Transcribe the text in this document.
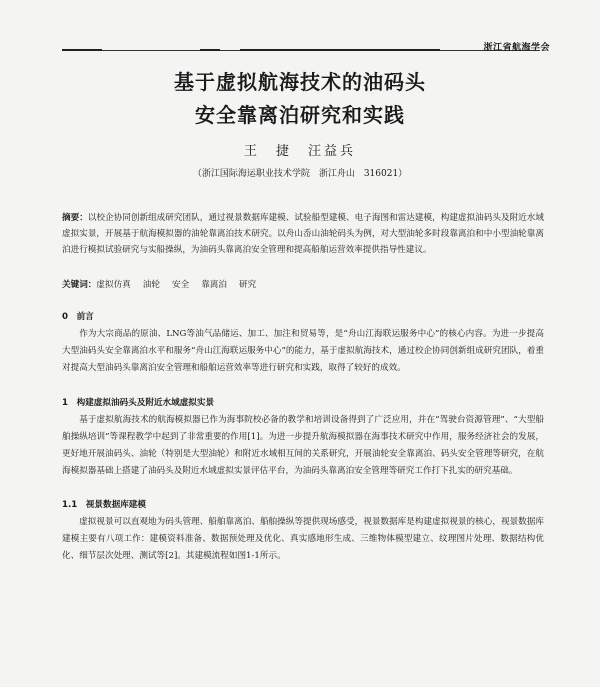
浙江省航海学会
基于虚拟航海技术的油码头
安全靠离泊研究和实践
王　捷　汪益兵
（浙江国际海运职业技术学院　浙江舟山　316021）
摘要：以校企协同创新组成研究团队，通过视景数据库建模、试验船型建模、电子海图和雷达建模，构建虚拟油码头及附近水域虚拟实景，开展基于航海模拟器的油轮靠离泊技术研究。以舟山岙山油轮码头为例，对大型油轮多时段靠离泊和中小型油轮靠离泊进行模拟试验研究与实船操纵，为油码头靠离泊安全管理和提高船舶运营效率提供指导性建议。
关键词：虚拟仿真 油轮 安全 靠离泊 研究
0　前言
作为大宗商品的原油、LNG等油气品储运、加工、加注和贸易等，是“舟山江海联运服务中心”的核心内容。为进一步提高大型油码头安全靠离泊水平和服务“舟山江海联运服务中心”的能力，基于虚拟航海技术，通过校企协同创新组成研究团队，着重对提高大型油码头靠离泊安全管理和船舶运营效率等进行研究和实践，取得了较好的成效。
1　构建虚拟油码头及附近水域虚拟实景
基于虚拟航海技术的航海模拟器已作为海事院校必备的教学和培训设备得到了广泛应用，并在“驾驶台资源管理”、“大型船舶操纵培训”等课程教学中起到了非常重要的作用[1]。为进一步提升航海模拟器在海事技术研究中作用，服务经济社会的发展，更好地开展油码头、油轮（特别是大型油轮）和附近水域相互间的关系研究，开展油轮安全靠离泊、码头安全管理等研究，在航海模拟器基础上搭建了油码头及附近水域虚拟实景评估平台，为油码头靠离泊安全管理等研究工作打下扎实的研究基础。
1.1　视景数据库建模
虚拟视景可以直观地为码头管理、船舶靠离泊、船舶操纵等提供现场感受，视景数据库是构建虚拟视景的核心，视景数据库建模主要有八项工作：建模资料准备、数据预处理及优化、真实感地形生成、三维物体模型建立、纹理图片处理、数据结构优化、细节层次处理、测试等[2]。其建模流程如图1-1所示。
